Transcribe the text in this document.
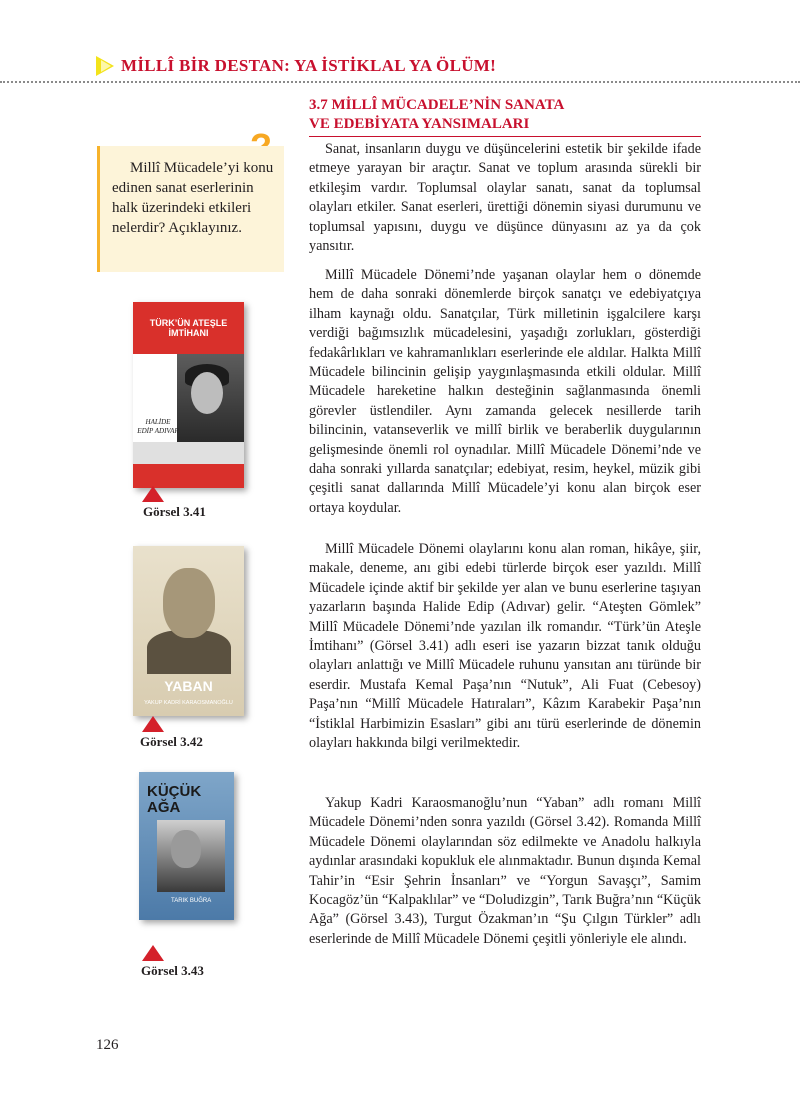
MİLLÎ BİR DESTAN: YA İSTİKLAL YA ÖLÜM!
Millî Mücadele’yi konu edinen sanat eserlerinin halk üzerindeki etkileri nelerdir? Açıklayınız.
TÜRK’ÜN ATEŞLE İMTİHANI
HALİDE EDİP ADIVAR
Görsel 3.41
YABAN
YAKUP KADRİ KARAOSMANOĞLU
Görsel 3.42
KÜÇÜK AĞA
TARIK BUĞRA
Görsel 3.43
3.7 MİLLÎ MÜCADELE’NİN SANATA
VE EDEBİYATA YANSIMALARI

Sanat, insanların duygu ve düşüncelerini estetik bir şekilde ifade etmeye yarayan bir araçtır. Sanat ve toplum arasında sürekli bir etkileşim vardır. Toplumsal olaylar sanatı, sanat da toplumsal olayları etkiler. Sanat eserleri, ürettiği dönemin siyasi durumunu ve toplumsal yapısını, duygu ve düşünce dünyasını az ya da çok yansıtır.

Millî Mücadele Dönemi’nde yaşanan olaylar hem o dönemde hem de daha sonraki dönemlerde birçok sanatçı ve edebiyatçıya ilham kaynağı oldu. Sanatçılar, Türk milletinin işgalcilere karşı verdiği bağımsızlık mücadelesini, yaşadığı zorlukları, gösterdiği fedakârlıkları ve kahramanlıkları eserlerinde ele aldılar. Halkta Millî Mücadele bilincinin gelişip yaygınlaşmasında etkili oldular. Millî Mücadele hareketine halkın desteğinin sağlanmasında önemli görevler üstlendiler. Aynı zamanda gelecek nesillerde tarih bilincinin, vatanseverlik ve millî birlik ve beraberlik duygularının gelişmesinde önemli rol oynadılar. Millî Mücadele Dönemi’nde ve daha sonraki yıllarda sanatçılar; edebiyat, resim, heykel, müzik gibi çeşitli sanat dallarında Millî Mücadele’yi konu alan birçok eser ortaya koydular.

Millî Mücadele Dönemi olaylarını konu alan roman, hikâye, şiir, makale, deneme, anı gibi edebi türlerde birçok eser yazıldı. Millî Mücadele içinde aktif bir şekilde yer alan ve bunu eserlerine taşıyan yazarların başında Halide Edip (Adıvar) gelir. “Ateşten Gömlek” Millî Mücadele Dönemi’nde yazılan ilk romandır. “Türk’ün Ateşle İmtihanı” (Görsel 3.41) adlı eseri ise yazarın bizzat tanık olduğu olayları anlattığı ve Millî Mücadele ruhunu yansıtan anı türünde bir eserdir. Mustafa Kemal Paşa’nın “Nutuk”, Ali Fuat (Cebesoy) Paşa’nın “Millî Mücadele Hatıraları”, Kâzım Karabekir Paşa’nın “İstiklal Harbimizin Esasları” gibi anı türü eserlerinde de dönemin olayları hakkında bilgi verilmektedir.

Yakup Kadri Karaosmanoğlu’nun “Yaban” adlı romanı Millî Mücadele Dönemi’nden sonra yazıldı (Görsel 3.42). Romanda Millî Mücadele Dönemi olaylarından söz edilmekte ve Anadolu halkıyla aydınlar arasındaki kopukluk ele alınmaktadır. Bunun dışında Kemal Tahir’in “Esir Şehrin İnsanları” ve “Yorgun Savaşçı”, Samim Kocagöz’ün “Kalpaklılar” ve “Doludizgin”, Tarık Buğra’nın “Küçük Ağa” (Görsel 3.43), Turgut Özakman’ın “Şu Çılgın Türkler” adlı eserlerinde de Millî Mücadele Dönemi çeşitli yönleriyle ele alındı.

126
